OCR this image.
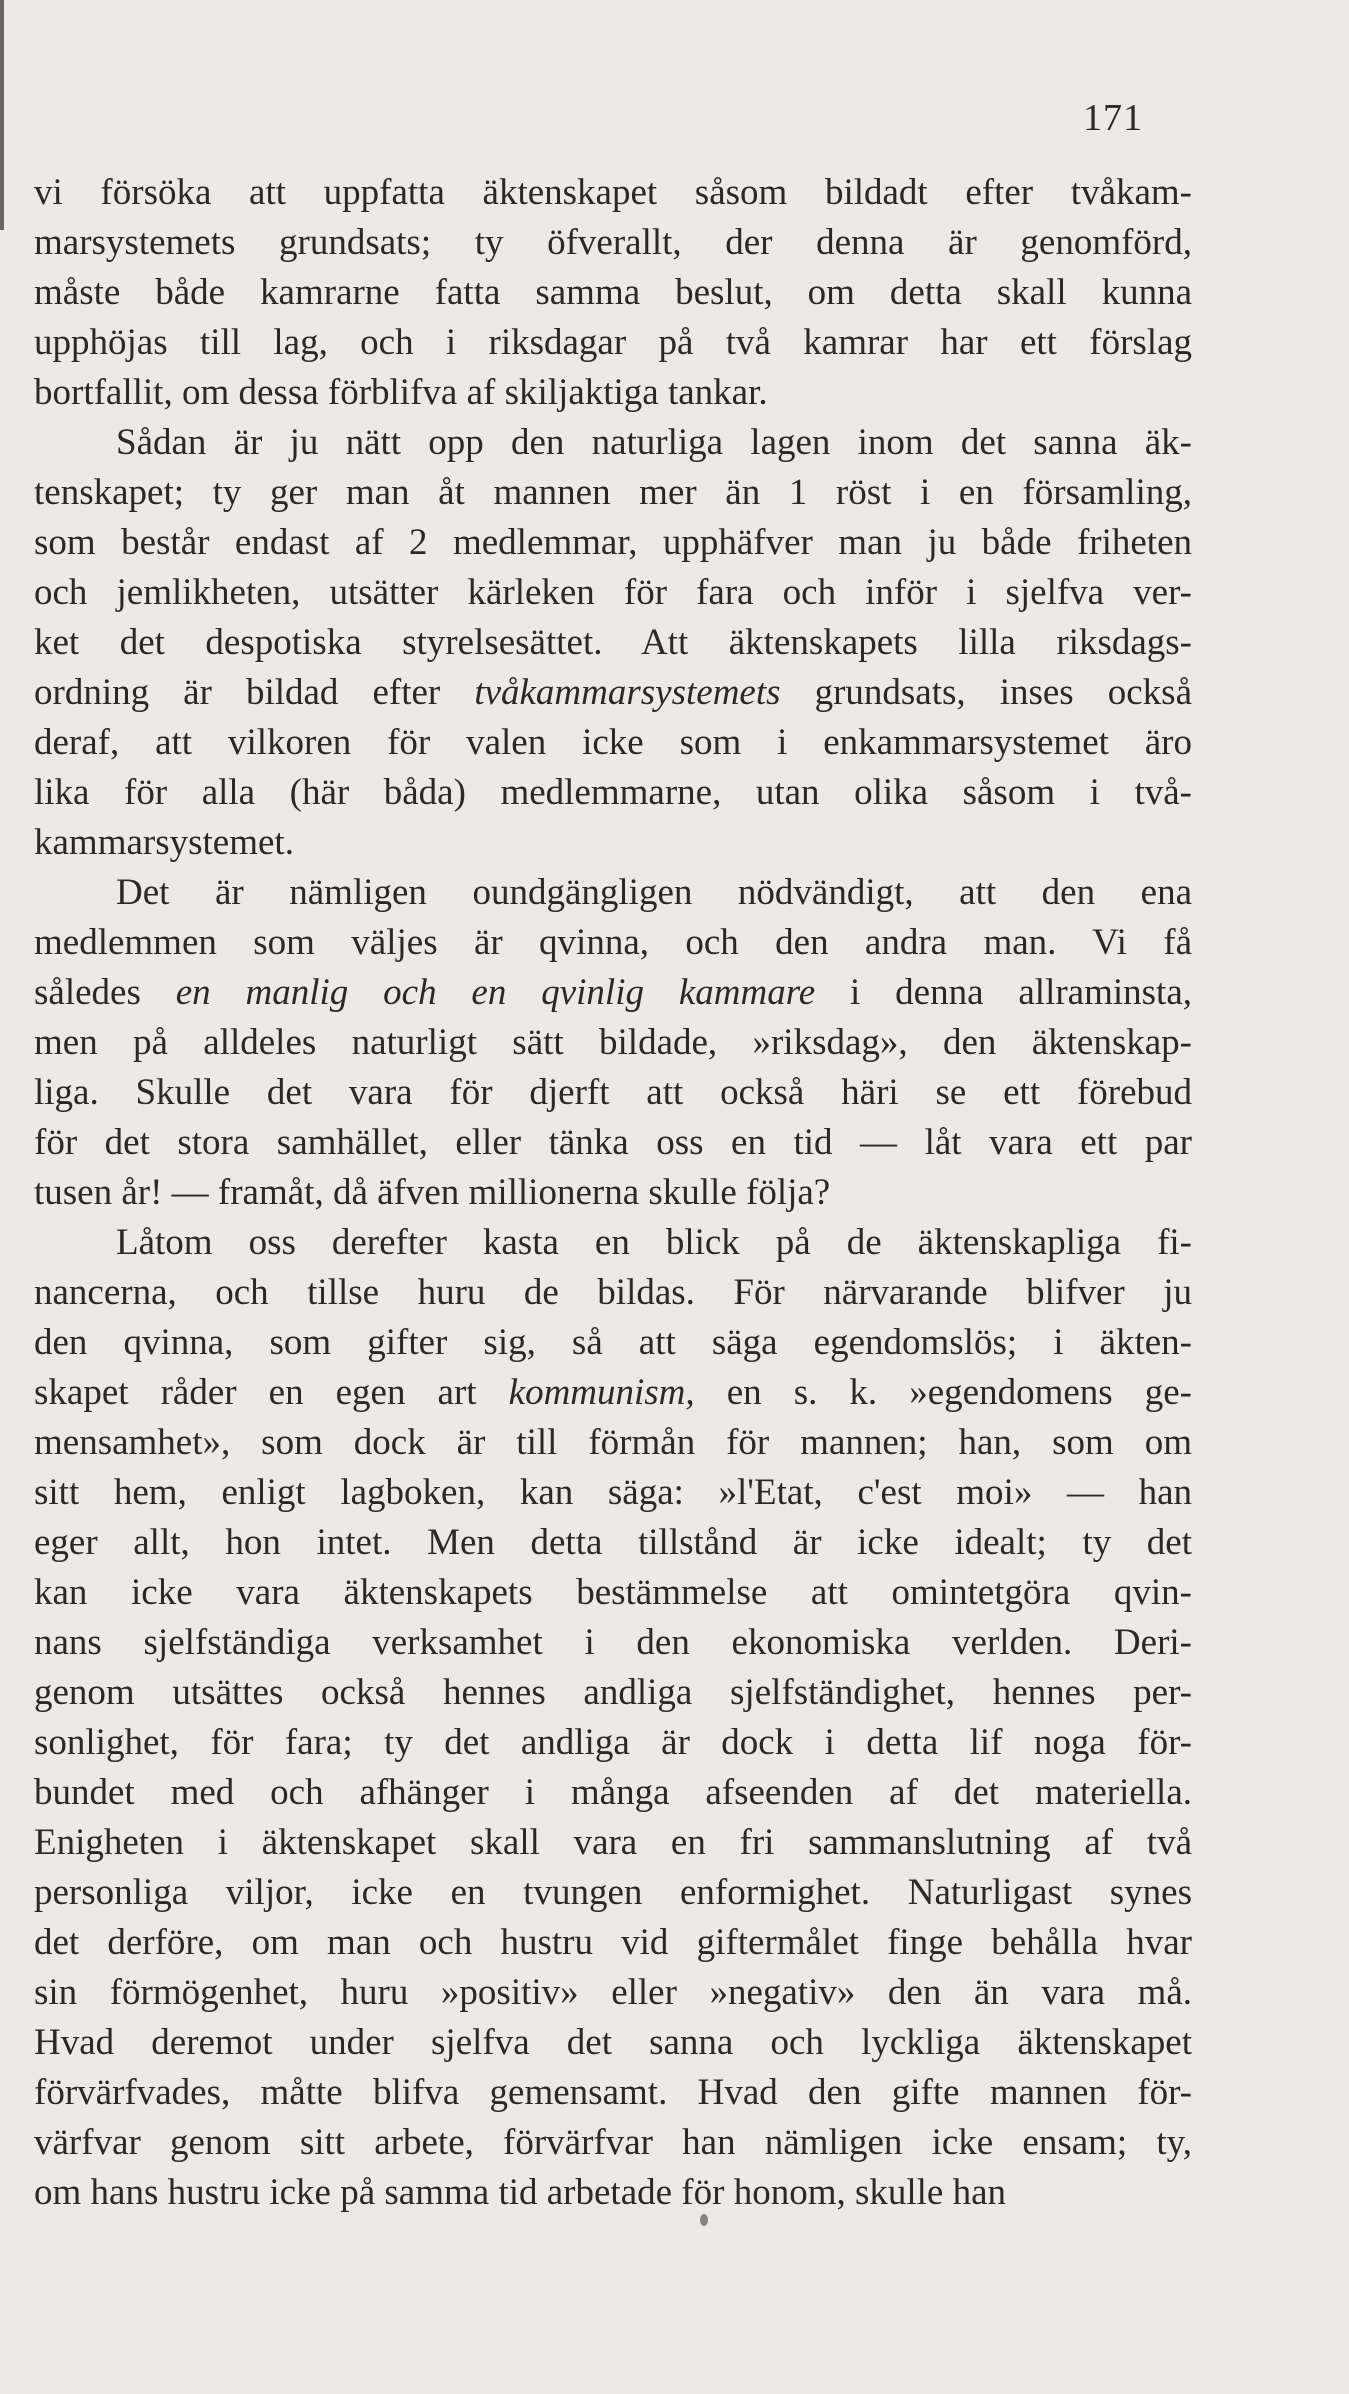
171
vi försöka att uppfatta äktenskapet såsom bildadt efter tvåkam-
marsystemets grundsats; ty öfverallt, der denna är genomförd,
måste både kamrarne fatta samma beslut, om detta skall kunna
upphöjas till lag, och i riksdagar på två kamrar har ett förslag
bortfallit, om dessa förblifva af skiljaktiga tankar.
Sådan är ju nätt opp den naturliga lagen inom det sanna äk-
tenskapet; ty ger man åt mannen mer än 1 röst i en församling,
som består endast af 2 medlemmar, upphäfver man ju både friheten
och jemlikheten, utsätter kärleken för fara och inför i sjelfva ver-
ket det despotiska styrelsesättet. Att äktenskapets lilla riksdags-
ordning är bildad efter tvåkammarsystemets grundsats, inses också
deraf, att vilkoren för valen icke som i enkammarsystemet äro
lika för alla (här båda) medlemmarne, utan olika såsom i två-
kammarsystemet.
Det är nämligen oundgängligen nödvändigt, att den ena
medlemmen som väljes är qvinna, och den andra man. Vi få
således en manlig och en qvinlig kammare i denna allraminsta,
men på alldeles naturligt sätt bildade, »riksdag», den äktenskap-
liga. Skulle det vara för djerft att också häri se ett förebud
för det stora samhället, eller tänka oss en tid — låt vara ett par
tusen år! — framåt, då äfven millionerna skulle följa?
Låtom oss derefter kasta en blick på de äktenskapliga fi-
nancerna, och tillse huru de bildas. För närvarande blifver ju
den qvinna, som gifter sig, så att säga egendomslös; i äkten-
skapet råder en egen art kommunism, en s. k. »egendomens ge-
mensamhet», som dock är till förmån för mannen; han, som om
sitt hem, enligt lagboken, kan säga: »l'Etat, c'est moi» — han
eger allt, hon intet. Men detta tillstånd är icke idealt; ty det
kan icke vara äktenskapets bestämmelse att omintetgöra qvin-
nans sjelfständiga verksamhet i den ekonomiska verlden. Deri-
genom utsättes också hennes andliga sjelfständighet, hennes per-
sonlighet, för fara; ty det andliga är dock i detta lif noga för-
bundet med och afhänger i många afseenden af det materiella.
Enigheten i äktenskapet skall vara en fri sammanslutning af två
personliga viljor, icke en tvungen enformighet. Naturligast synes
det derföre, om man och hustru vid giftermålet finge behålla hvar
sin förmögenhet, huru »positiv» eller »negativ» den än vara må.
Hvad deremot under sjelfva det sanna och lyckliga äktenskapet
förvärfvades, måtte blifva gemensamt. Hvad den gifte mannen för-
värfvar genom sitt arbete, förvärfvar han nämligen icke ensam; ty,
om hans hustru icke på samma tid arbetade för honom, skulle han
